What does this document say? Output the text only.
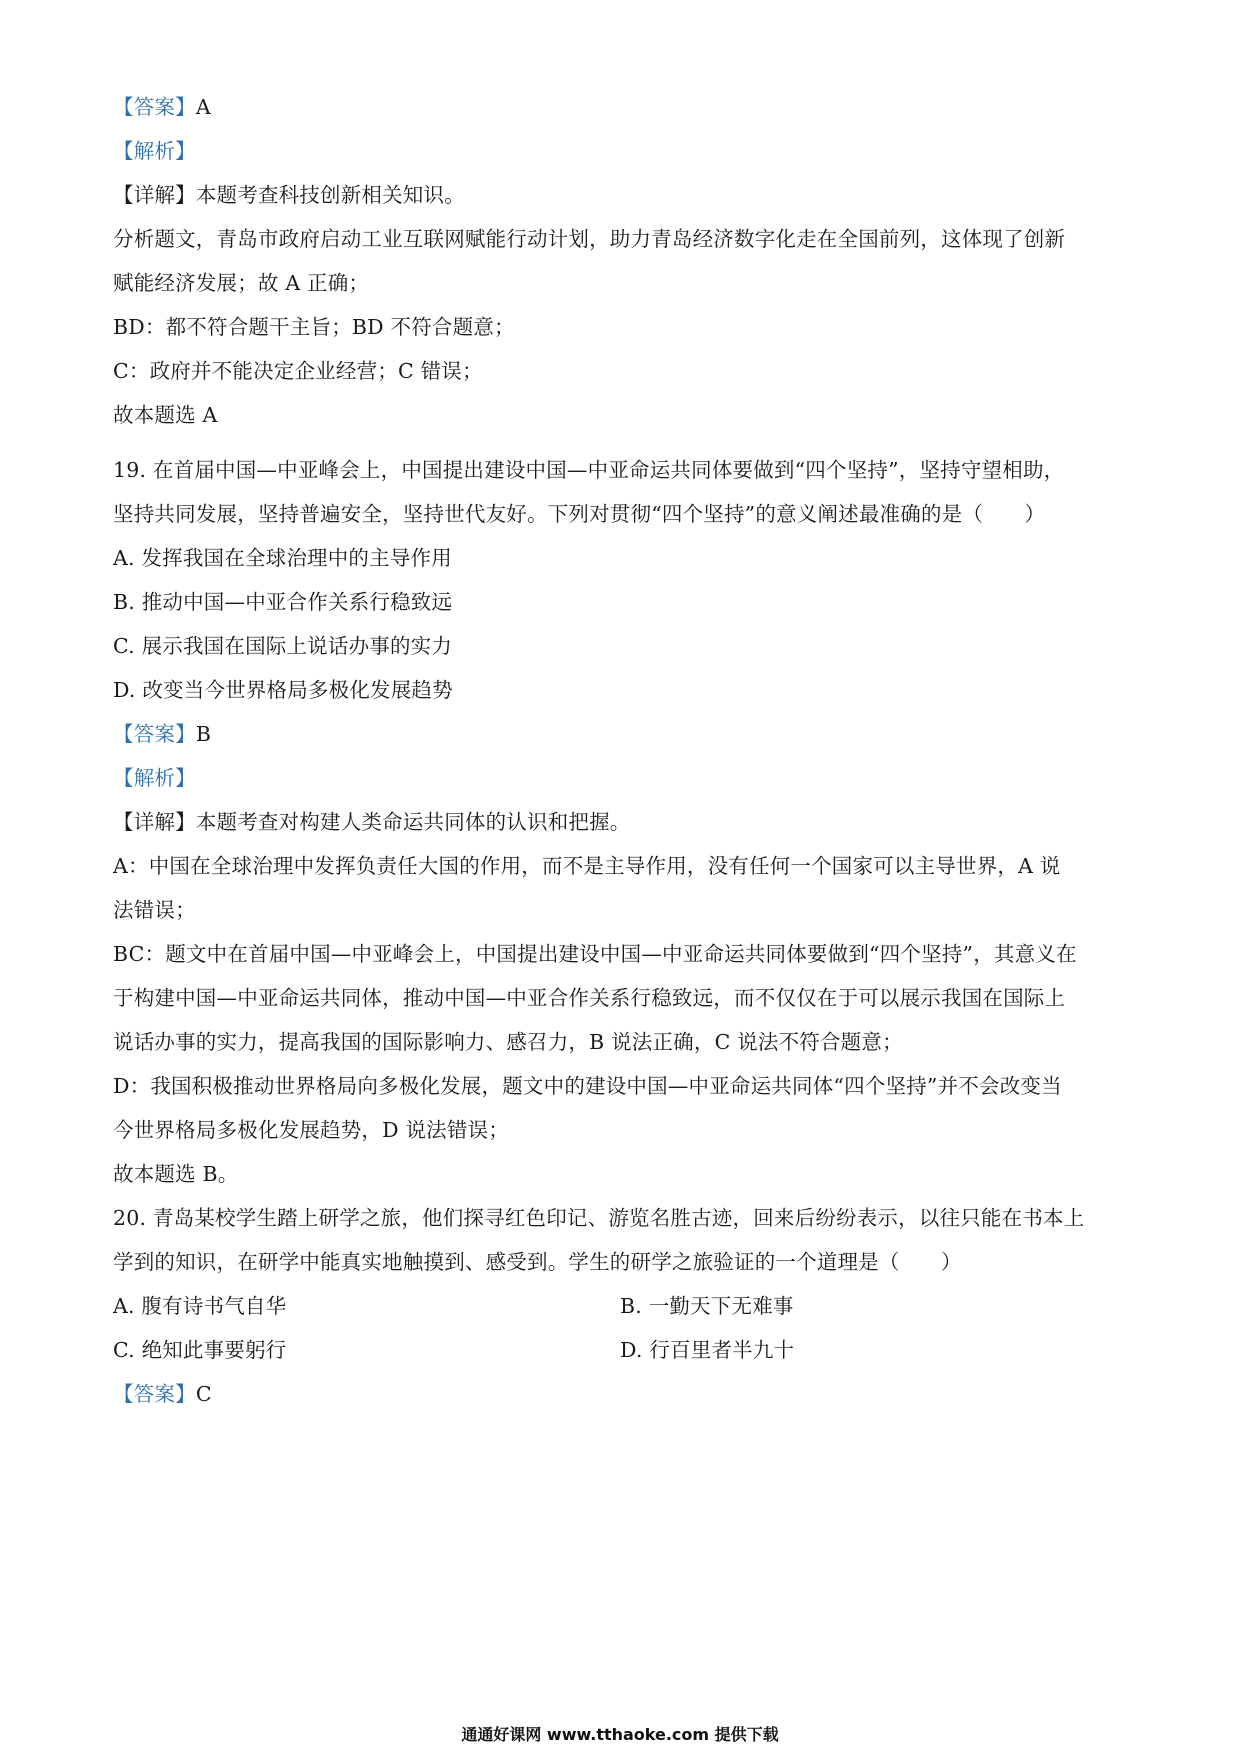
【答案】A
【解析】
【详解】本题考查科技创新相关知识。
分析题文，青岛市政府启动工业互联网赋能行动计划，助力青岛经济数字化走在全国前列，这体现了创新
赋能经济发展；故 A 正确；
BD：都不符合题干主旨；BD 不符合题意；
C：政府并不能决定企业经营；C 错误；
故本题选 A
19. 在首届中国—中亚峰会上，中国提出建设中国—中亚命运共同体要做到“四个坚持”，坚持守望相助，
坚持共同发展，坚持普遍安全，坚持世代友好。下列对贯彻“四个坚持”的意义阐述最准确的是（　　）
A. 发挥我国在全球治理中的主导作用
B. 推动中国—中亚合作关系行稳致远
C. 展示我国在国际上说话办事的实力
D. 改变当今世界格局多极化发展趋势
【答案】B
【解析】
【详解】本题考查对构建人类命运共同体的认识和把握。
A：中国在全球治理中发挥负责任大国的作用，而不是主导作用，没有任何一个国家可以主导世界，A 说
法错误；
BC：题文中在首届中国—中亚峰会上，中国提出建设中国—中亚命运共同体要做到“四个坚持”，其意义在
于构建中国—中亚命运共同体，推动中国—中亚合作关系行稳致远，而不仅仅在于可以展示我国在国际上
说话办事的实力，提高我国的国际影响力、感召力，B 说法正确，C 说法不符合题意；
D：我国积极推动世界格局向多极化发展，题文中的建设中国—中亚命运共同体“四个坚持”并不会改变当
今世界格局多极化发展趋势，D 说法错误；
故本题选 B。
20. 青岛某校学生踏上研学之旅，他们探寻红色印记、游览名胜古迹，回来后纷纷表示，以往只能在书本上
学到的知识，在研学中能真实地触摸到、感受到。学生的研学之旅验证的一个道理是（　　）
A. 腹有诗书气自华	B. 一勤天下无难事
C. 绝知此事要躬行	D. 行百里者半九十
【答案】C
通通好课网 www.tthaoke.com 提供下载
